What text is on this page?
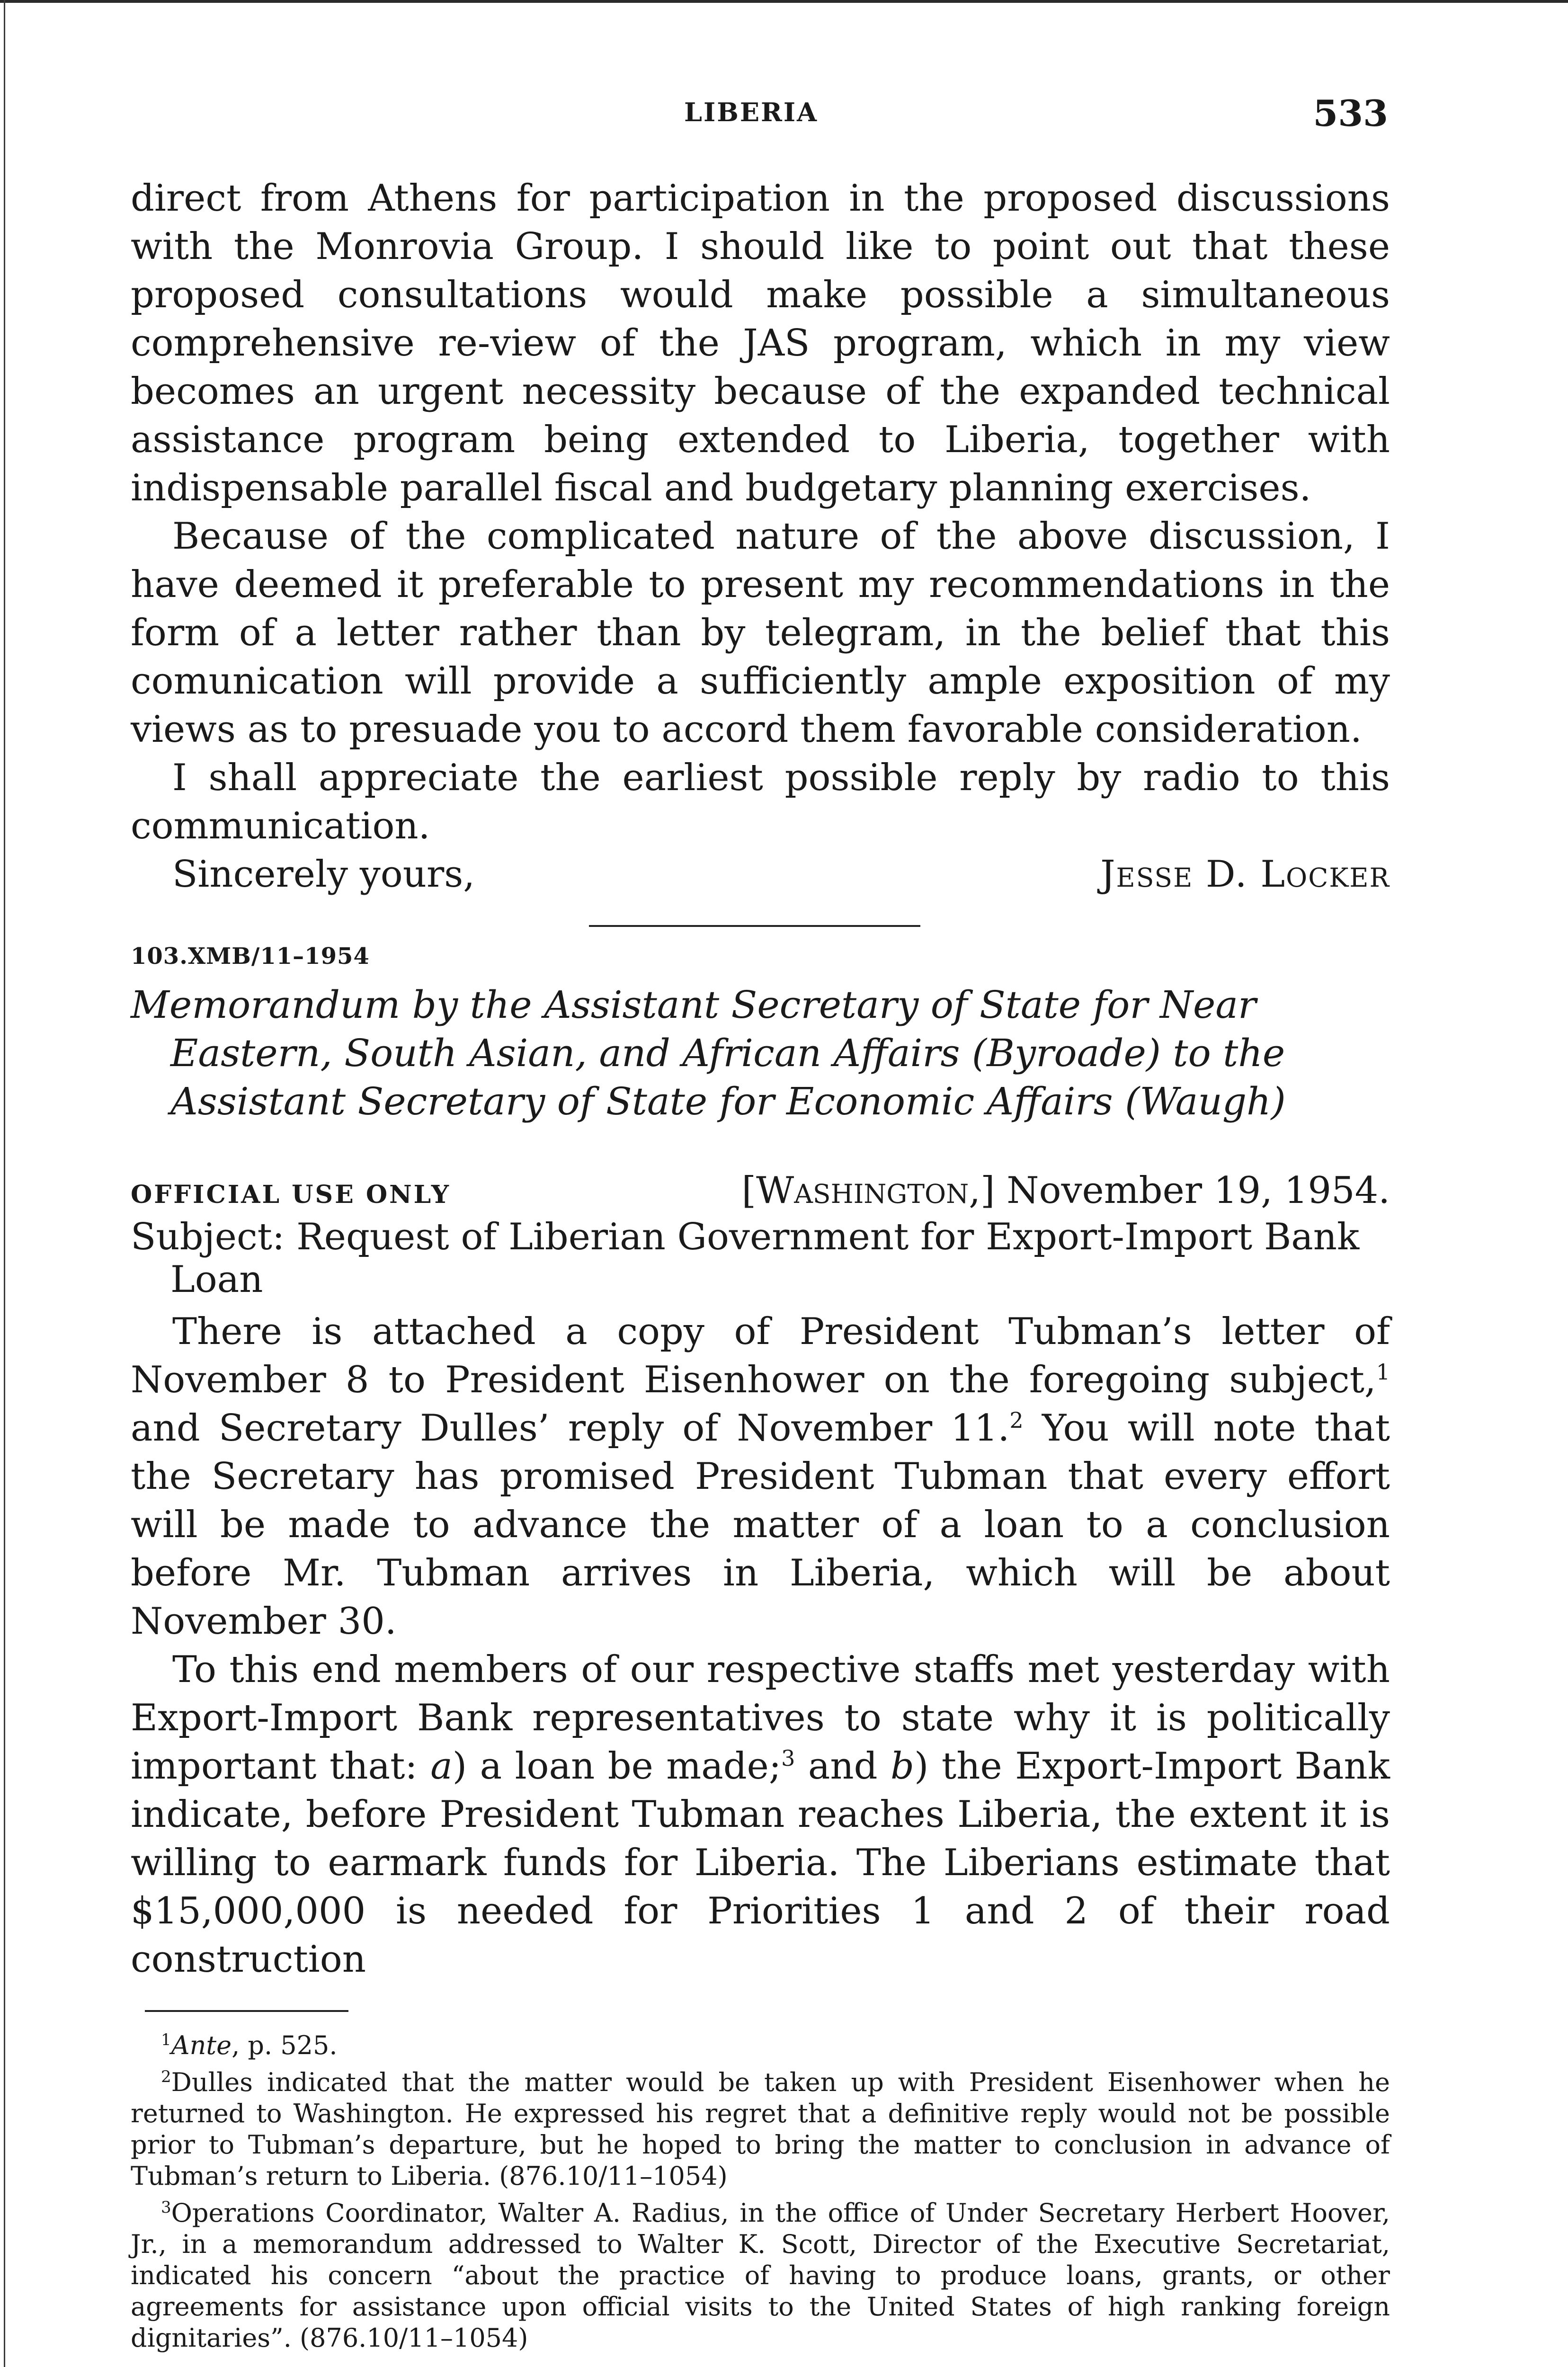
LIBERIA	533

direct from Athens for participation in the proposed discussions with the Monrovia Group. I should like to point out that these proposed consultations would make possible a simultaneous comprehensive re-view of the JAS program, which in my view becomes an urgent necessity because of the expanded technical assistance program being extended to Liberia, together with indispensable parallel fiscal and budgetary planning exercises.

Because of the complicated nature of the above discussion, I have deemed it preferable to present my recommendations in the form of a letter rather than by telegram, in the belief that this comunication will provide a sufficiently ample exposition of my views as to presuade you to accord them favorable consideration.

I shall appreciate the earliest possible reply by radio to this communication.

Sincerely yours,	Jesse D. Locker
103.XMB/11–1954
Memorandum by the Assistant Secretary of State for Near Eastern, South Asian, and African Affairs (Byroade) to the Assistant Secretary of State for Economic Affairs (Waugh)
OFFICIAL USE ONLY	[Washington,] November 19, 1954.
Subject: Request of Liberian Government for Export-Import Bank Loan

There is attached a copy of President Tubman’s letter of November 8 to President Eisenhower on the foregoing subject,$^1$ and Secretary Dulles’ reply of November 11.$^2$ You will note that the Secretary has promised President Tubman that every effort will be made to advance the matter of a loan to a conclusion before Mr. Tubman arrives in Liberia, which will be about November 30.

To this end members of our respective staffs met yesterday with Export-Import Bank representatives to state why it is politically important that: a) a loan be made;$^3$ and b) the Export-Import Bank indicate, before President Tubman reaches Liberia, the extent it is willing to earmark funds for Liberia. The Liberians estimate that $15,000,000 is needed for Priorities 1 and 2 of their road construction

$^1$Ante, p. 525.

$^2$Dulles indicated that the matter would be taken up with President Eisenhower when he returned to Washington. He expressed his regret that a definitive reply would not be possible prior to Tubman’s departure, but he hoped to bring the matter to conclusion in advance of Tubman’s return to Liberia. (876.10/11–1054)

$^3$Operations Coordinator, Walter A. Radius, in the office of Under Secretary Herbert Hoover, Jr., in a memorandum addressed to Walter K. Scott, Director of the Executive Secretariat, indicated his concern “about the practice of having to produce loans, grants, or other agreements for assistance upon official visits to the United States of high ranking foreign dignitaries”. (876.10/11–1054)
